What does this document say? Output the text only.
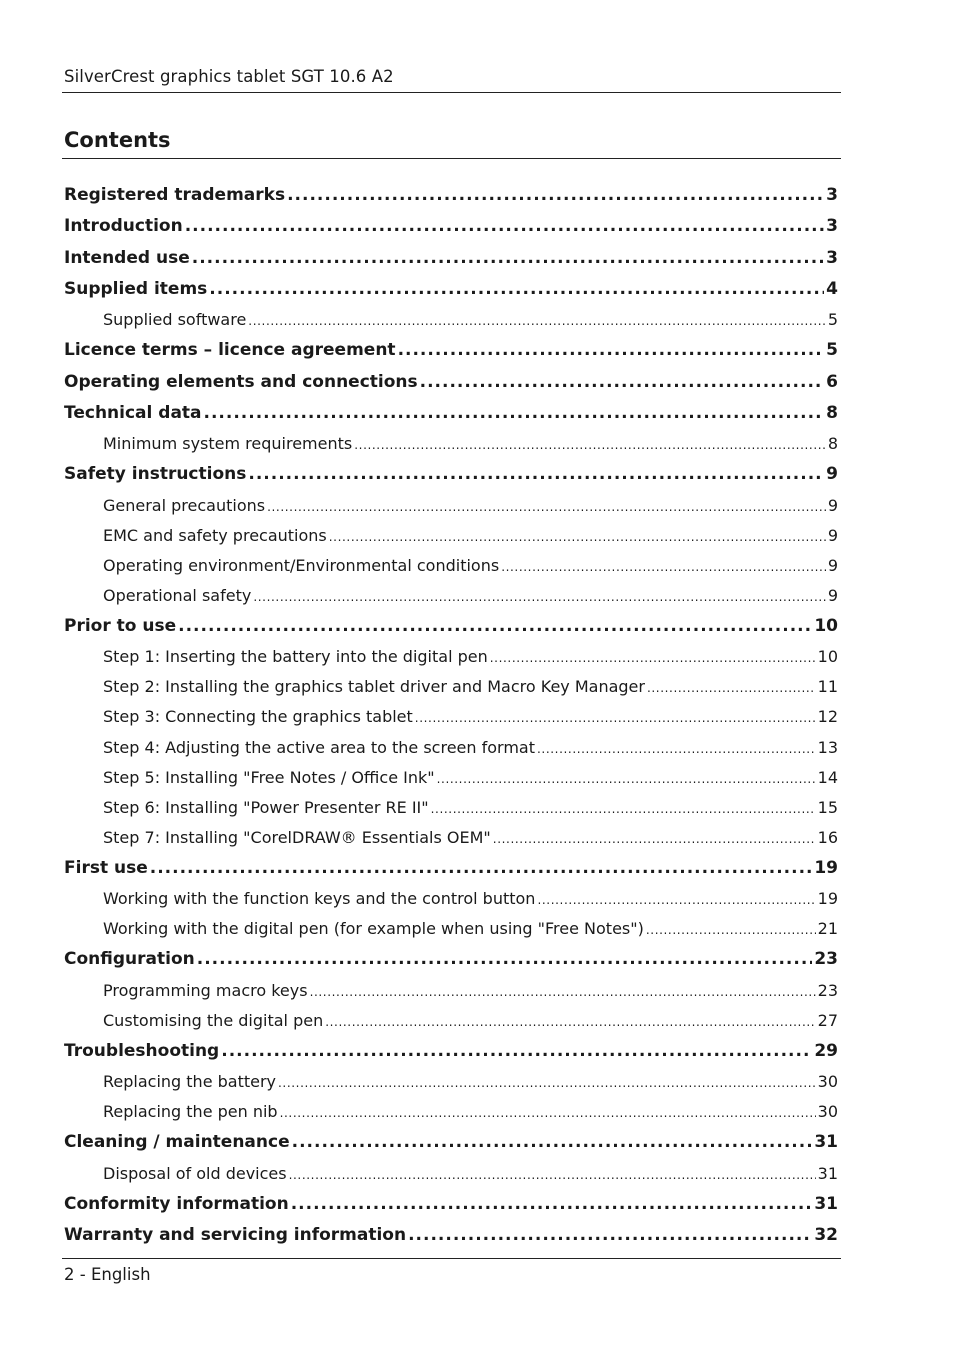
SilverCrest graphics tablet SGT 10.6 A2
Contents
Registered trademarks .....	3
Introduction .....	3
Intended use .....	3
Supplied items .....	4
Supplied software .....	5
Licence terms – licence agreement .....	5
Operating elements and connections .....	6
Technical data .....	8
Minimum system requirements .....	8
Safety instructions .....	9
General precautions .....	9
EMC and safety precautions .....	9
Operating environment/Environmental conditions .....	9
Operational safety .....	9
Prior to use .....	10
Step 1: Inserting the battery into the digital pen .....	10
Step 2: Installing the graphics tablet driver and Macro Key Manager .....	11
Step 3: Connecting the graphics tablet .....	12
Step 4: Adjusting the active area to the screen format .....	13
Step 5: Installing "Free Notes / Office Ink" .....	14
Step 6: Installing "Power Presenter RE II" .....	15
Step 7: Installing "CorelDRAW® Essentials OEM" .....	16
First use .....	19
Working with the function keys and the control button .....	19
Working with the digital pen (for example when using "Free Notes") .....	21
Configuration .....	23
Programming macro keys .....	23
Customising the digital pen .....	27
Troubleshooting .....	29
Replacing the battery .....	30
Replacing the pen nib .....	30
Cleaning / maintenance .....	31
Disposal of old devices .....	31
Conformity information .....	31
Warranty and servicing information .....	32
2 - English
